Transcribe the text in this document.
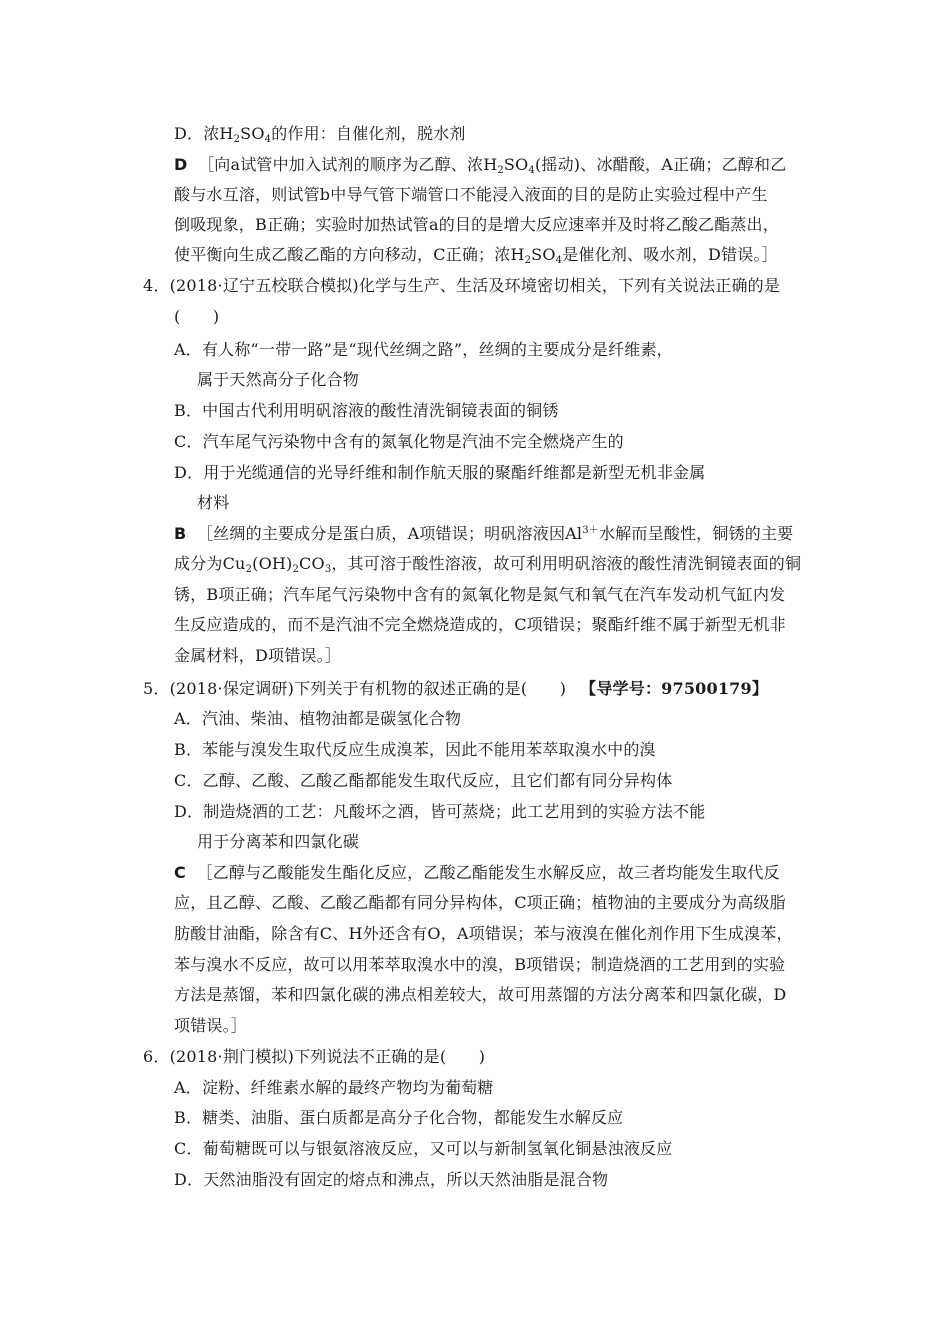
D．浓$H_2SO_4$的作用：自催化剂，脱水剂
D ［向a试管中加入试剂的顺序为乙醇、浓$H_2SO_4$(摇动)、冰醋酸，A正确；乙醇和乙
酸与水互溶，则试管b中导气管下端管口不能浸入液面的目的是防止实验过程中产生
倒吸现象，B正确；实验时加热试管a的目的是增大反应速率并及时将乙酸乙酯蒸出，
使平衡向生成乙酸乙酯的方向移动，C正确；浓$H_2SO_4$是催化剂、吸水剂，D错误。］
4．(2018·辽宁五校联合模拟)化学与生产、生活及环境密切相关，下列有关说法正确的是
(　　)
A．有人称“一带一路”是“现代丝绸之路”，丝绸的主要成分是纤维素，
属于天然高分子化合物
B．中国古代利用明矾溶液的酸性清洗铜镜表面的铜锈
C．汽车尾气污染物中含有的氮氧化物是汽油不完全燃烧产生的
D．用于光缆通信的光导纤维和制作航天服的聚酯纤维都是新型无机非金属
材料
B ［丝绸的主要成分是蛋白质，A项错误；明矾溶液因$Al^{3+}$水解而呈酸性，铜锈的主要
成分为$Cu_2(OH)_2CO_3$，其可溶于酸性溶液，故可利用明矾溶液的酸性清洗铜镜表面的铜
锈，B项正确；汽车尾气污染物中含有的氮氧化物是氮气和氧气在汽车发动机气缸内发
生反应造成的，而不是汽油不完全燃烧造成的，C项错误；聚酯纤维不属于新型无机非
金属材料，D项错误。］
5．(2018·保定调研)下列关于有机物的叙述正确的是(　　) 【导学号：97500179】
A．汽油、柴油、植物油都是碳氢化合物
B．苯能与溴发生取代反应生成溴苯，因此不能用苯萃取溴水中的溴
C．乙醇、乙酸、乙酸乙酯都能发生取代反应，且它们都有同分异构体
D．制造烧酒的工艺：凡酸坏之酒，皆可蒸烧；此工艺用到的实验方法不能
用于分离苯和四氯化碳
C ［乙醇与乙酸能发生酯化反应，乙酸乙酯能发生水解反应，故三者均能发生取代反
应，且乙醇、乙酸、乙酸乙酯都有同分异构体，C项正确；植物油的主要成分为高级脂
肪酸甘油酯，除含有C、H外还含有O，A项错误；苯与液溴在催化剂作用下生成溴苯，
苯与溴水不反应，故可以用苯萃取溴水中的溴，B项错误；制造烧酒的工艺用到的实验
方法是蒸馏，苯和四氯化碳的沸点相差较大，故可用蒸馏的方法分离苯和四氯化碳，D
项错误。］
6．(2018·荆门模拟)下列说法不正确的是(　　)
A．淀粉、纤维素水解的最终产物均为葡萄糖
B．糖类、油脂、蛋白质都是高分子化合物，都能发生水解反应
C．葡萄糖既可以与银氨溶液反应，又可以与新制氢氧化铜悬浊液反应
D．天然油脂没有固定的熔点和沸点，所以天然油脂是混合物
